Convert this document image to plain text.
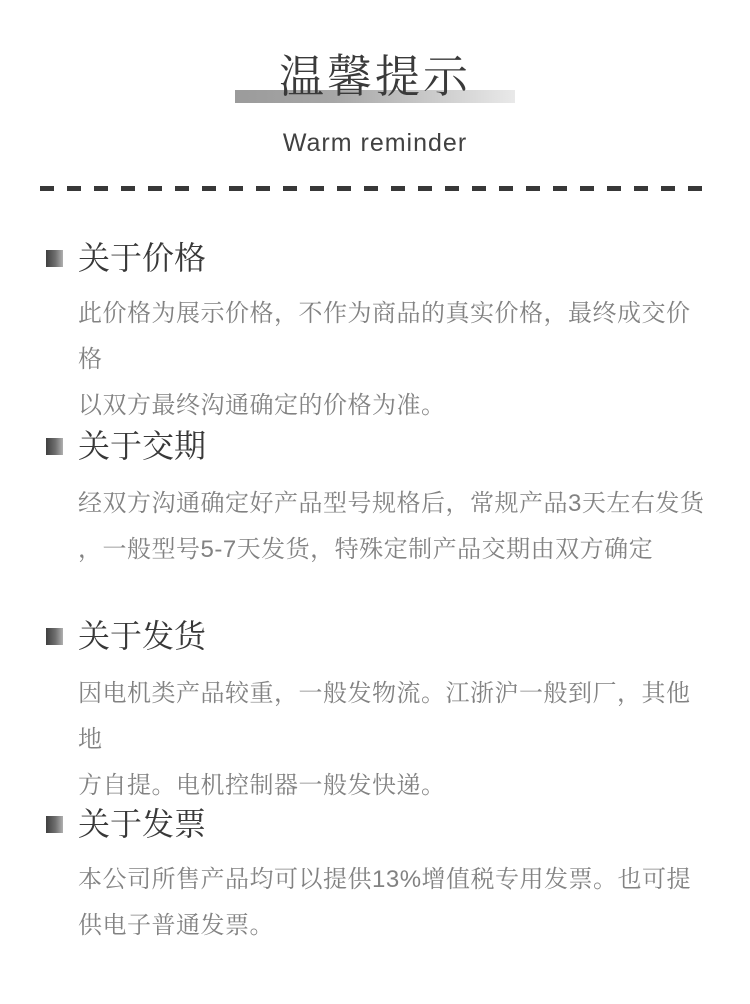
温馨提示
Warm reminder
关于价格
此价格为展示价格，不作为商品的真实价格，最终成交价格
以双方最终沟通确定的价格为准。
关于交期
经双方沟通确定好产品型号规格后，常规产品3天左右发货
，一般型号5-7天发货，特殊定制产品交期由双方确定
关于发货
因电机类产品较重，一般发物流。江浙沪一般到厂，其他地
方自提。电机控制器一般发快递。
关于发票
本公司所售产品均可以提供13%增值税专用发票。也可提
供电子普通发票。
